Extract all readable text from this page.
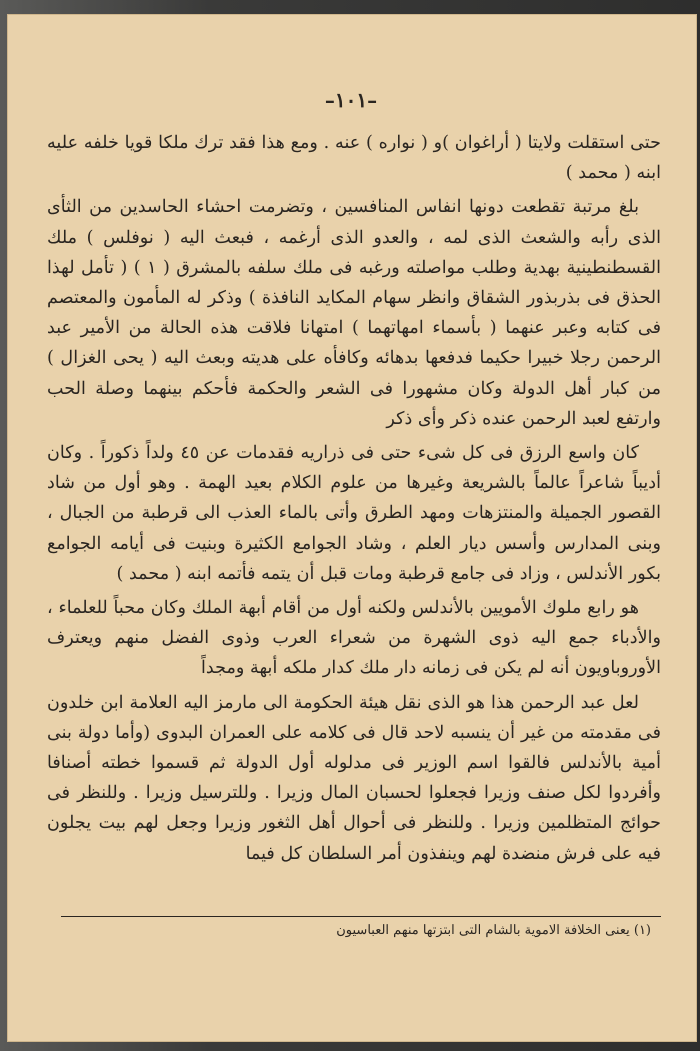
–١٠١–

حتى استقلت ولايتا ( أراغوان )و ( نواره ) عنه . ومع هذا فقد ترك ملكا قويا خلفه عليه ابنه ( محمد )

بلغ مرتبة تقطعت دونها انفاس المنافسين ، وتضرمت احشاء الحاسدين من الثأى الذى رأبه والشعث الذى لمه ، والعدو الذى أرغمه ، فبعث اليه ( نوفلس ) ملك القسطنطينية بهدية وطلب مواصلته ورغبه فى ملك سلفه بالمشرق ( ١ ) ( تأمل لهذا الحذق فى بذربذور الشقاق وانظر سهام المكايد النافذة ) وذكر له المأمون والمعتصم فى كتابه وعبر عنهما ( بأسماء امهاتهما ) امتهانا فلاقت هذه الحالة من الأمير عبد الرحمن رجلا خبيرا حكيما فدفعها بدهائه وكافأه على هديته وبعث اليه ( يحى الغزال ) من كبار أهل الدولة وكان مشهورا فى الشعر والحكمة فأحكم بينهما وصلة الحب وارتفع لعبد الرحمن عنده ذكر وأى ذكر

كان واسع الرزق فى كل شىء حتى فى ذراريه فقدمات عن ٤٥ ولداً ذكوراً . وكان أديباً شاعراً عالماً بالشريعة وغيرها من علوم الكلام بعيد الهمة . وهو أول من شاد القصور الجميلة والمنتزهات ومهد الطرق وأتى بالماء العذب الى قرطبة من الجبال ، وبنى المدارس وأسس ديار العلم ، وشاد الجوامع الكثيرة وبنيت فى أيامه الجوامع بكور الأندلس ، وزاد فى جامع قرطبة ومات قبل أن يتمه فأتمه ابنه ( محمد )

هو رابع ملوك الأمويين بالأندلس ولكنه أول من أقام أبهة الملك وكان محباً للعلماء ، والأدباء جمع اليه ذوى الشهرة من شعراء العرب وذوى الفضل منهم ويعترف الأوروباويون أنه لم يكن فى زمانه دار ملك كدار ملكه أبهة ومجداً

لعل عبد الرحمن هذا هو الذى نقل هيئة الحكومة الى مارمز اليه العلامة ابن خلدون فى مقدمته من غير أن ينسبه لاحد قال فى كلامه على العمران البدوى (وأما دولة بنى أمية بالأندلس فالقوا اسم الوزير فى مدلوله أول الدولة ثم قسموا خطته أصنافا وأفردوا لكل صنف وزيرا فجعلوا لحسبان المال وزيرا . وللترسيل وزيرا . وللنظر فى حوائج المتظلمين وزيرا . وللنظر فى أحوال أهل الثغور وزيرا وجعل لهم بيت يجلون فيه على فرش منضدة لهم وينفذون أمر السلطان كل فيما

(١) يعنى الخلافة الاموية بالشام التى ابتزتها منهم العباسيون
